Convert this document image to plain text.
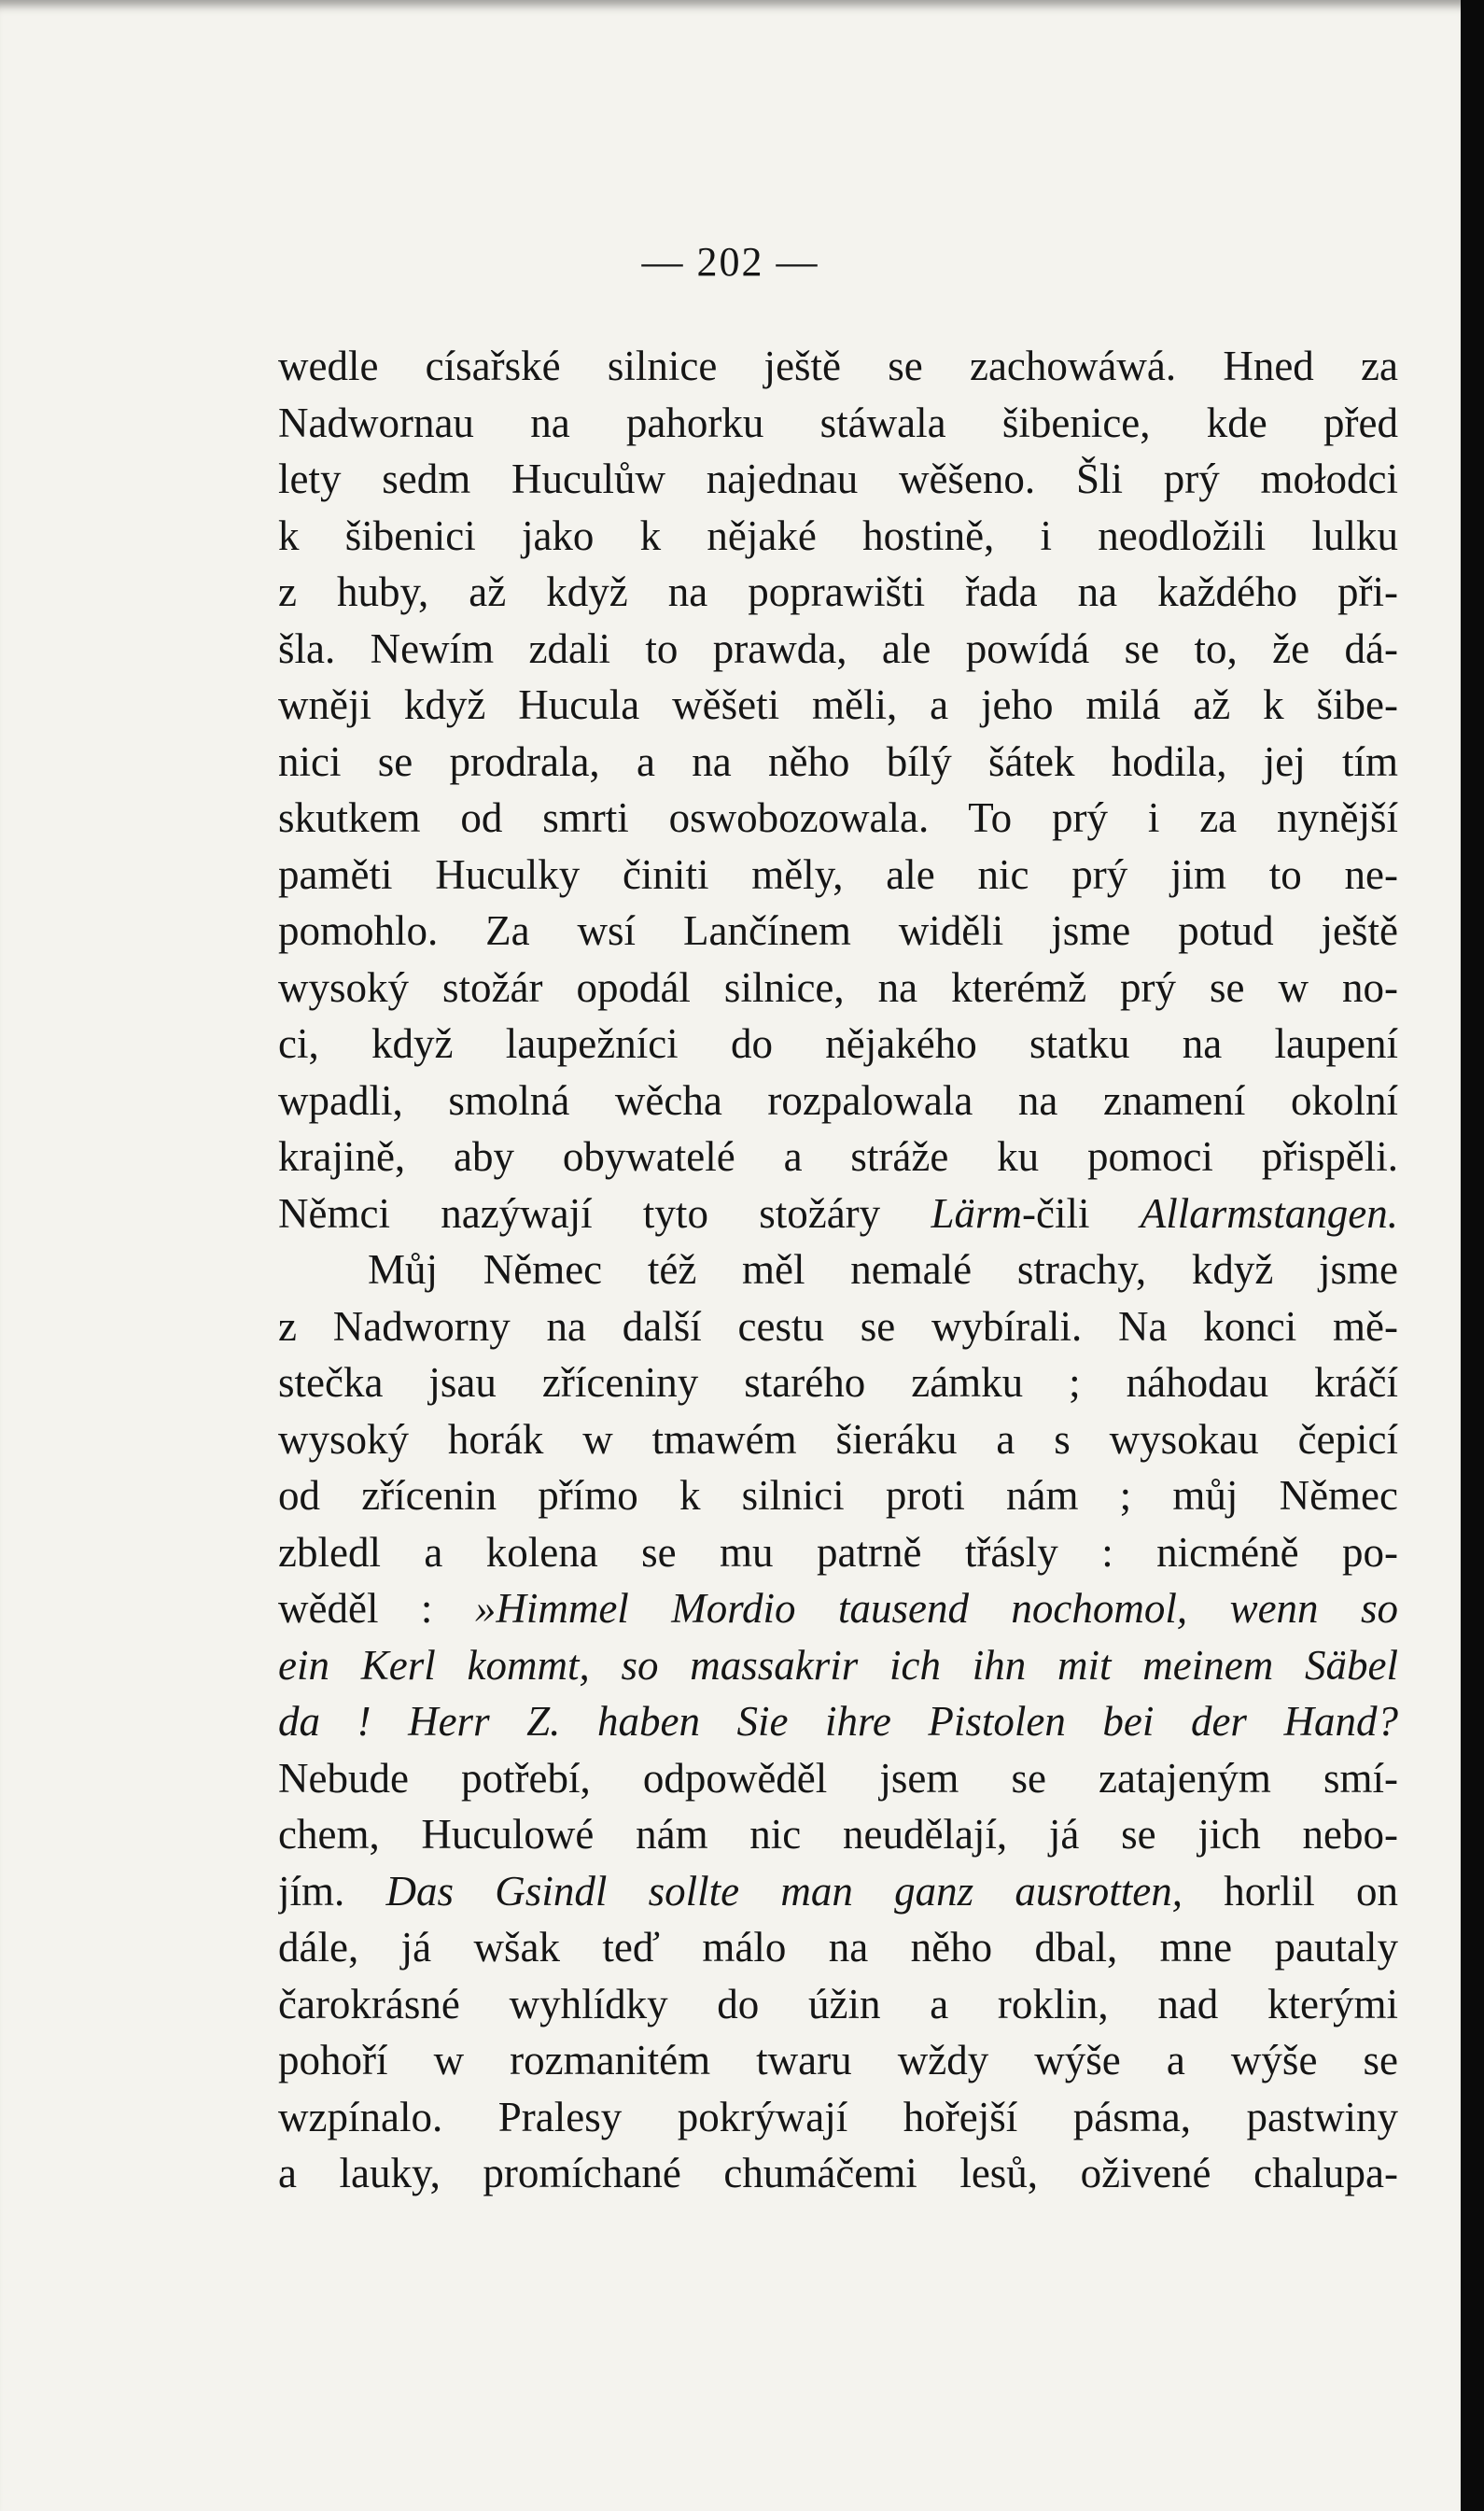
— 202 —
wedle císařské silnice ještě se zachowáwá. Hned za
Nadwornau na pahorku stáwala šibenice, kde před
lety sedm Huculůw najednau wěšeno. Šli prý mołodci
k šibenici jako k nějaké hostině, i neodložili lulku
z huby, až když na poprawišti řada na každého při-
šla. Newím zdali to prawda, ale powídá se to, že dá-
wněji když Hucula wěšeti měli, a jeho milá až k šibe-
nici se prodrala, a na něho bílý šátek hodila, jej tím
skutkem od smrti oswobozowala. To prý i za nynější
paměti Huculky činiti měly, ale nic prý jim to ne-
pomohlo. Za wsí Lančínem widěli jsme potud ještě
wysoký stožár opodál silnice, na kterémž prý se w no-
ci, když laupežníci do nějakého statku na laupení
wpadli, smolná wěcha rozpalowala na znamení okolní
krajině, aby obywatelé a stráže ku pomoci přispěli.
Němci nazýwají tyto stožáry Lärm-čili Allarmstangen.
Můj Němec též měl nemalé strachy, když jsme
z Nadworny na další cestu se wybírali. Na konci mě-
stečka jsau zříceniny starého zámku ; náhodau kráčí
wysoký horák w tmawém šieráku a s wysokau čepicí
od zřícenin přímo k silnici proti nám ; můj Němec
zbledl a kolena se mu patrně třásly : nicméně po-
wěděl : »Himmel Mordio tausend nochomol, wenn so
ein Kerl kommt, so massakrir ich ihn mit meinem Säbel
da ! Herr Z. haben Sie ihre Pistolen bei der Hand?
Nebude potřebí, odpowěděl jsem se zatajeným smí-
chem, Huculowé nám nic neudělají, já se jich nebo-
jím. Das Gsindl sollte man ganz ausrotten, horlil on
dále, já wšak teď málo na něho dbal, mne pautaly
čarokrásné wyhlídky do úžin a roklin, nad kterými
pohoří w rozmanitém twaru wždy wýše a wýše se
wzpínalo. Pralesy pokrýwají hořejší pásma, pastwiny
a lauky, promíchané chumáčemi lesů, oživené chalupa-
